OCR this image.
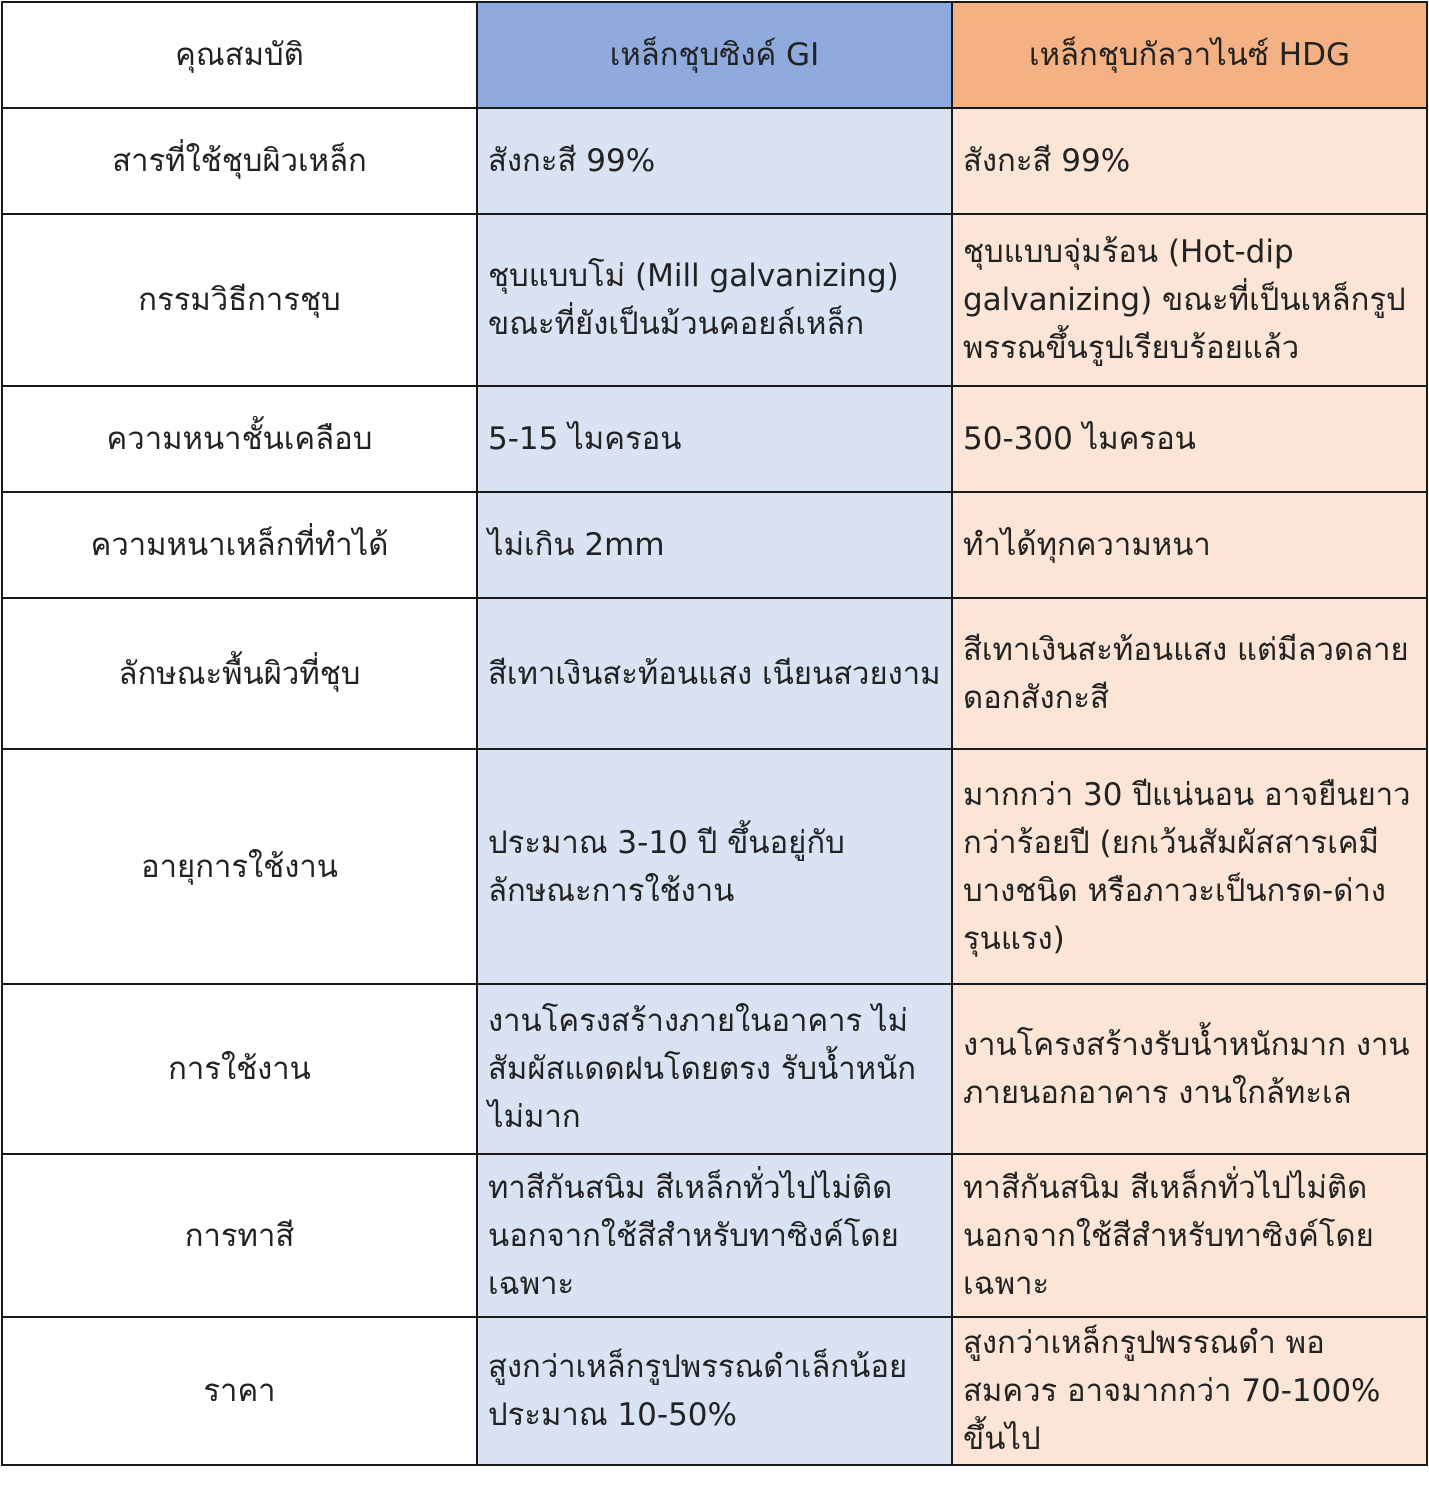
คุณสมบัติ	เหล็กชุบซิงค์ GI	เหล็กชุบกัลวาไนซ์ HDG
สารที่ใช้ชุบผิวเหล็ก	สังกะสี 99%	สังกะสี 99%
กรรมวิธีการชุบ	ชุบแบบโม่ (Mill galvanizing) ขณะที่ยังเป็นม้วนคอยล์เหล็ก	ชุบแบบจุ่มร้อน (Hot-dip galvanizing) ขณะที่เป็นเหล็กรูปพรรณขึ้นรูปเรียบร้อยแล้ว
ความหนาชั้นเคลือบ	5-15 ไมครอน	50-300 ไมครอน
ความหนาเหล็กที่ทำได้	ไม่เกิน 2mm	ทำได้ทุกความหนา
ลักษณะพื้นผิวที่ชุบ	สีเทาเงินสะท้อนแสง เนียนสวยงาม	สีเทาเงินสะท้อนแสง แต่มีลวดลายดอกสังกะสี
อายุการใช้งาน	ประมาณ 3-10 ปี ขึ้นอยู่กับลักษณะการใช้งาน	มากกว่า 30 ปีแน่นอน อาจยืนยาวกว่าร้อยปี (ยกเว้นสัมผัสสารเคมีบางชนิด หรือภาวะเป็นกรด-ด่างรุนแรง)
การใช้งาน	งานโครงสร้างภายในอาคาร ไม่สัมผัสแดดฝนโดยตรง รับน้ำหนักไม่มาก	งานโครงสร้างรับน้ำหนักมาก งานภายนอกอาคาร งานใกล้ทะเล
การทาสี	ทาสีกันสนิม สีเหล็กทั่วไปไม่ติด นอกจากใช้สีสำหรับทาซิงค์โดยเฉพาะ	ทาสีกันสนิม สีเหล็กทั่วไปไม่ติด นอกจากใช้สีสำหรับทาซิงค์โดยเฉพาะ
ราคา	สูงกว่าเหล็กรูปพรรณดำเล็กน้อย ประมาณ 10-50%	สูงกว่าเหล็กรูปพรรณดำ พอสมควร อาจมากกว่า 70-100% ขึ้นไป
